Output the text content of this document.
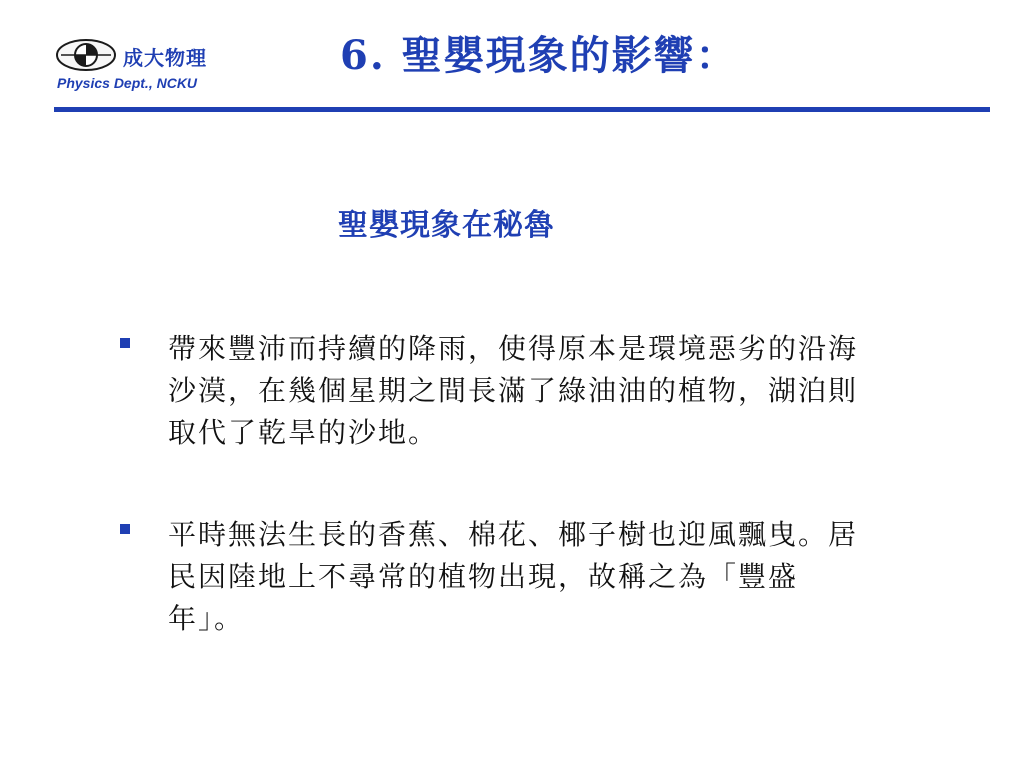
成大物理
Physics Dept., NCKU
6. 聖嬰現象的影響：
聖嬰現象在秘魯
帶來豐沛而持續的降雨，使得原本是環境惡劣的沿海沙漠，在幾個星期之間長滿了綠油油的植物，湖泊則取代了乾旱的沙地。
平時無法生長的香蕉、棉花、椰子樹也迎風飄曳。居民因陸地上不尋常的植物出現，故稱之為「豐盛年」。
